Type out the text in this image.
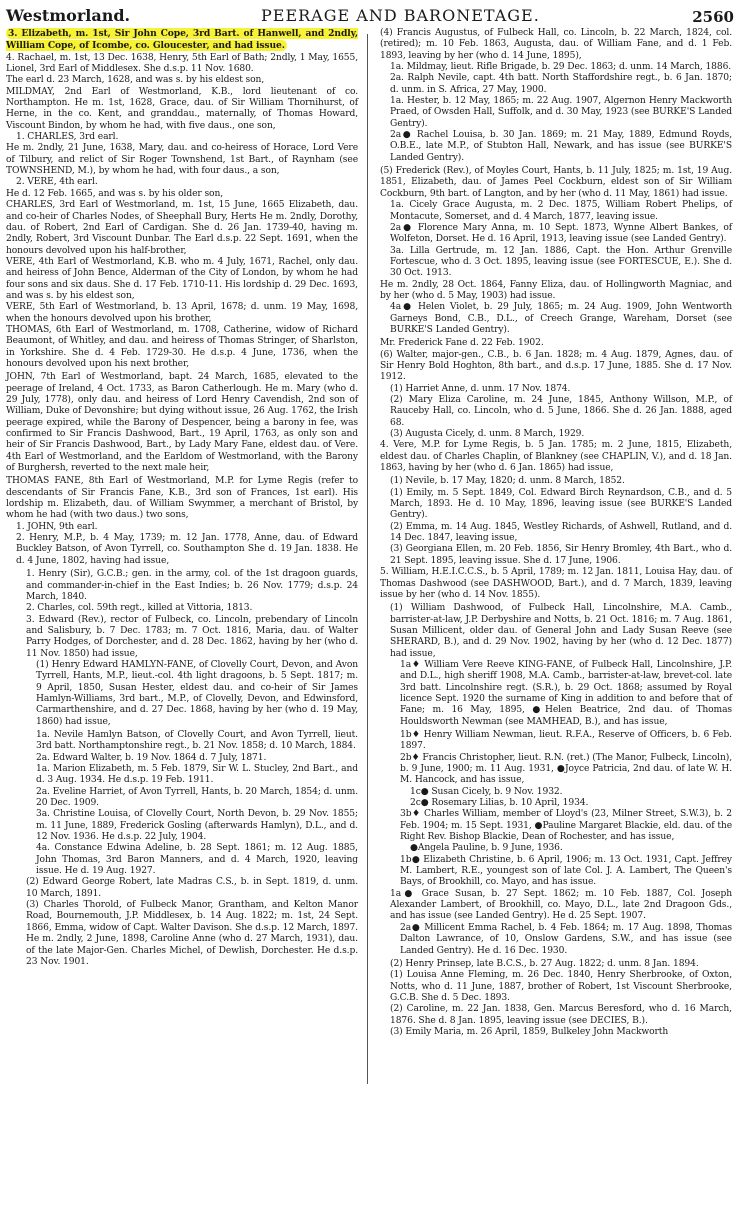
Westmorland.	PEERAGE AND BARONETAGE.	2560

3. Elizabeth, m. 1st, Sir John Cope, 3rd Bart. of Hanwell, and 2ndly, William Cope, of Icombe, co. Gloucester, and had issue.

4. Rachael, m. 1st, 13 Dec. 1638, Henry, 5th Earl of Bath; 2ndly, 1 May, 1655, Lionel, 3rd Earl of Middlesex. She d.s.p. 11 Nov. 1680.

The earl d. 23 March, 1628, and was s. by his eldest son,

MILDMAY, 2nd Earl of Westmorland, K.B., lord lieutenant of co. Northampton. He m. 1st, 1628, Grace, dau. of Sir William Thornihurst, of Herne, in the co. Kent, and granddau., maternally, of Thomas Howard, Viscount Bindon, by whom he had, with five daus., one son,

1. CHARLES, 3rd earl.

He m. 2ndly, 21 June, 1638, Mary, dau. and co-heiress of Horace, Lord Vere of Tilbury, and relict of Sir Roger Townshend, 1st Bart., of Raynham (see TOWNSHEND, M.), by whom he had, with four daus., a son,

2. VERE, 4th earl.

He d. 12 Feb. 1665, and was s. by his older son,

CHARLES, 3rd Earl of Westmorland, m. 1st, 15 June, 1665 Elizabeth, dau. and co-heir of Charles Nodes, of Sheephall Bury, Herts He m. 2ndly, Dorothy, dau. of Robert, 2nd Earl of Cardigan. She d. 26 Jan. 1739-40, having m. 2ndly, Robert, 3rd Viscount Dunbar. The Earl d.s.p. 22 Sept. 1691, when the honours devolved upon his half-brother,

VERE, 4th Earl of Westmorland, K.B. who m. 4 July, 1671, Rachel, only dau. and heiress of John Bence, Alderman of the City of London, by whom he had four sons and six daus. She d. 17 Feb. 1710-11. His lordship d. 29 Dec. 1693, and was s. by his eldest son,

VERE, 5th Earl of Westmorland, b. 13 April, 1678; d. unm. 19 May, 1698, when the honours devolved upon his brother,

THOMAS, 6th Earl of Westmorland, m. 1708, Catherine, widow of Richard Beaumont, of Whitley, and dau. and heiress of Thomas Stringer, of Sharlston, in Yorkshire. She d. 4 Feb. 1729-30. He d.s.p. 4 June, 1736, when the honours devolved upon his next brother,

JOHN, 7th Earl of Westmorland, bapt. 24 March, 1685, elevated to the peerage of Ireland, 4 Oct. 1733, as Baron Catherlough. He m. Mary (who d. 29 July, 1778), only dau. and heiress of Lord Henry Cavendish, 2nd son of William, Duke of Devonshire; but dying without issue, 26 Aug. 1762, the Irish peerage expired, while the Barony of Despencer, being a barony in fee, was confirmed to Sir Francis Dashwood, Bart., 19 April, 1763, as only son and heir of Sir Francis Dashwood, Bart., by Lady Mary Fane, eldest dau. of Vere. 4th Earl of Westmorland, and the Earldom of Westmorland, with the Barony of Burghersh, reverted to the next male heir,

THOMAS FANE, 8th Earl of Westmorland, M.P. for Lyme Regis (refer to descendants of Sir Francis Fane, K.B., 3rd son of Frances, 1st earl). His lordship m. Elizabeth, dau. of William Swymmer, a merchant of Bristol, by whom he had (with two daus.) two sons,

1. JOHN, 9th earl.

2. Henry, M.P., b. 4 May, 1739; m. 12 Jan. 1778, Anne, dau. of Edward Buckley Batson, of Avon Tyrrell, co. Southampton She d. 19 Jan. 1838. He d. 4 June, 1802, having had issue,

1. Henry (Sir), G.C.B.; gen. in the army, col. of the 1st dragoon guards, and commander-in-chief in the East Indies; b. 26 Nov. 1779; d.s.p. 24 March, 1840.

2. Charles, col. 59th regt., killed at Vittoria, 1813.

3. Edward (Rev.), rector of Fulbeck, co. Lincoln, prebendary of Lincoln and Salisbury, b. 7 Dec. 1783; m. 7 Oct. 1816, Maria, dau. of Walter Parry Hodges, of Dorchester, and d. 28 Dec. 1862, having by her (who d. 11 Nov. 1850) had issue,

(1) Henry Edward HAMLYN-FANE, of Clovelly Court, Devon, and Avon Tyrrell, Hants, M.P., lieut.-col. 4th light dragoons, b. 5 Sept. 1817; m. 9 April, 1850, Susan Hester, eldest dau. and co-heir of Sir James Hamlyn-Williams, 3rd bart., M.P., of Clovelly, Devon, and Edwinsford, Carmarthenshire, and d. 27 Dec. 1868, having by her (who d. 19 May, 1860) had issue,

1a. Nevile Hamlyn Batson, of Clovelly Court, and Avon Tyrrell, lieut. 3rd batt. Northamptonshire regt., b. 21 Nov. 1858; d. 10 March, 1884.

2a. Edward Walter, b. 19 Nov. 1864 d. 7 July, 1871.

1a. Marion Elizabeth, m. 5 Feb. 1879, Sir W. L. Stucley, 2nd Bart., and d. 3 Aug. 1934. He d.s.p. 19 Feb. 1911.

2a. Eveline Harriet, of Avon Tyrrell, Hants, b. 20 March, 1854; d. unm. 20 Dec. 1909.

3a. Christine Louisa, of Clovelly Court, North Devon, b. 29 Nov. 1855; m. 11 June, 1889, Frederick Gosling (afterwards Hamlyn), D.L., and d. 12 Nov. 1936. He d.s.p. 22 July, 1904.

4a. Constance Edwina Adeline, b. 28 Sept. 1861; m. 12 Aug. 1885, John Thomas, 3rd Baron Manners, and d. 4 March, 1920, leaving issue. He d. 19 Aug. 1927.

(2) Edward George Robert, late Madras C.S., b. in Sept. 1819, d. unm. 10 March, 1891.

(3) Charles Thorold, of Fulbeck Manor, Grantham, and Kelton Manor Road, Bournemouth, J.P. Middlesex, b. 14 Aug. 1822; m. 1st, 24 Sept. 1866, Emma, widow of Capt. Walter Davison. She d.s.p. 12 March, 1897. He m. 2ndly, 2 June, 1898, Caroline Anne (who d. 27 March, 1931), dau. of the late Major-Gen. Charles Michel, of Dewlish, Dorchester. He d.s.p. 23 Nov. 1901.

(4) Francis Augustus, of Fulbeck Hall, co. Lincoln, b. 22 March, 1824, col. (retired); m. 10 Feb. 1863, Augusta, dau. of William Fane, and d. 1 Feb. 1893, leaving by her (who d. 14 June, 1895),

1a. Mildmay, lieut. Rifle Brigade, b. 29 Dec. 1863; d. unm. 14 March, 1886.

2a. Ralph Nevile, capt. 4th batt. North Staffordshire regt., b. 6 Jan. 1870; d. unm. in S. Africa, 27 May, 1900.

1a. Hester, b. 12 May, 1865; m. 22 Aug. 1907, Algernon Henry Mackworth Praed, of Owsden Hall, Suffolk, and d. 30 May, 1923 (see BURKE'S Landed Gentry).

2a● Rachel Louisa, b. 30 Jan. 1869; m. 21 May, 1889, Edmund Royds, O.B.E., late M.P., of Stubton Hall, Newark, and has issue (see BURKE'S Landed Gentry).

(5) Frederick (Rev.), of Moyles Court, Hants, b. 11 July, 1825; m. 1st, 19 Aug. 1851, Elizabeth, dau. of James Peel Cockburn, eldest son of Sir William Cockburn, 9th bart. of Langton, and by her (who d. 11 May, 1861) had issue.

1a. Cicely Grace Augusta, m. 2 Dec. 1875, William Robert Phelips, of Montacute, Somerset, and d. 4 March, 1877, leaving issue.

2a● Florence Mary Anna, m. 10 Sept. 1873, Wynne Albert Bankes, of Wolfeton, Dorset. He d. 16 April, 1913, leaving issue (see Landed Gentry).

3a. Lilla Gertrude, m. 12 Jan. 1886, Capt. the Hon. Arthur Grenville Fortescue, who d. 3 Oct. 1895, leaving issue (see FORTESCUE, E.). She d. 30 Oct. 1913.

He m. 2ndly, 28 Oct. 1864, Fanny Eliza, dau. of Hollingworth Magniac, and by her (who d. 5 May, 1903) had issue.

4a● Helen Violet, b. 29 July, 1865; m. 24 Aug. 1909, John Wentworth Garneys Bond, C.B., D.L., of Creech Grange, Wareham, Dorset (see BURKE'S Landed Gentry).

Mr. Frederick Fane d. 22 Feb. 1902.

(6) Walter, major-gen., C.B., b. 6 Jan. 1828; m. 4 Aug. 1879, Agnes, dau. of Sir Henry Bold Hoghton, 8th bart., and d.s.p. 17 June, 1885. She d. 17 Nov. 1912.

(1) Harriet Anne, d. unm. 17 Nov. 1874.

(2) Mary Eliza Caroline, m. 24 June, 1845, Anthony Willson, M.P., of Rauceby Hall, co. Lincoln, who d. 5 June, 1866. She d. 26 Jan. 1888, aged 68.

(3) Augusta Cicely, d. unm. 8 March, 1929.

4. Vere, M.P. for Lyme Regis, b. 5 Jan. 1785; m. 2 June, 1815, Elizabeth, eldest dau. of Charles Chaplin, of Blankney (see CHAPLIN, V.), and d. 18 Jan. 1863, having by her (who d. 6 Jan. 1865) had issue,

(1) Nevile, b. 17 May, 1820; d. unm. 8 March, 1852.

(1) Emily, m. 5 Sept. 1849, Col. Edward Birch Reynardson, C.B., and d. 5 March, 1893. He d. 10 May, 1896, leaving issue (see BURKE'S Landed Gentry).

(2) Emma, m. 14 Aug. 1845, Westley Richards, of Ashwell, Rutland, and d. 14 Dec. 1847, leaving issue,

(3) Georgiana Ellen, m. 20 Feb. 1856, Sir Henry Bromley, 4th Bart., who d. 21 Sept. 1895, leaving issue. She d. 17 June, 1906.

5. William, H.E.I.C.C.S., b. 5 April, 1789; m. 12 Jan. 1811, Louisa Hay, dau. of Thomas Dashwood (see DASHWOOD, Bart.), and d. 7 March, 1839, leaving issue by her (who d. 14 Nov. 1855).

(1) William Dashwood, of Fulbeck Hall, Lincolnshire, M.A. Camb., barrister-at-law, J.P. Derbyshire and Notts, b. 21 Oct. 1816; m. 7 Aug. 1861, Susan Millicent, older dau. of General John and Lady Susan Reeve (see SHERARD, B.), and d. 29 Nov. 1902, having by her (who d. 12 Dec. 1877) had issue,

1a♦ William Vere Reeve KING-FANE, of Fulbeck Hall, Lincolnshire, J.P. and D.L., high sheriff 1908, M.A. Camb., barrister-at-law, brevet-col. late 3rd batt. Lincolnshire regt. (S.R.), b. 29 Oct. 1868; assumed by Royal licence Sept. 1920 the surname of King in addition to and before that of Fane; m. 16 May, 1895, ●Helen Beatrice, 2nd dau. of Thomas Houldsworth Newman (see MAMHEAD, B.), and has issue,

1b♦ Henry William Newman, lieut. R.F.A., Reserve of Officers, b. 6 Feb. 1897.

2b♦ Francis Christopher, lieut. R.N. (ret.) (The Manor, Fulbeck, Lincoln), b. 9 June, 1900; m. 11 Aug. 1931, ●Joyce Patricia, 2nd dau. of late W. H. M. Hancock, and has issue,

1c● Susan Cicely, b. 9 Nov. 1932.

2c● Rosemary Lilias, b. 10 April, 1934.

3b♦ Charles William, member of Lloyd's (23, Milner Street, S.W.3), b. 2 Feb. 1904; m. 15 Sept. 1931, ●Pauline Margaret Blackie, eld. dau. of the Right Rev. Bishop Blackie, Dean of Rochester, and has issue,

●Angela Pauline, b. 9 June, 1936.

1b● Elizabeth Christine, b. 6 April, 1906; m. 13 Oct. 1931, Capt. Jeffrey M. Lambert, R.E., youngest son of late Col. J. A. Lambert, The Queen's Bays, of Brookhill, co. Mayo, and has issue.

1a● Grace Susan, b. 27 Sept. 1862; m. 10 Feb. 1887, Col. Joseph Alexander Lambert, of Brookhill, co. Mayo, D.L., late 2nd Dragoon Gds., and has issue (see Landed Gentry). He d. 25 Sept. 1907.

2a● Millicent Emma Rachel, b. 4 Feb. 1864; m. 17 Aug. 1898, Thomas Dalton Lawrance, of 10, Onslow Gardens, S.W., and has issue (see Landed Gentry). He d. 16 Dec. 1930.

(2) Henry Prinsep, late B.C.S., b. 27 Aug. 1822; d. unm. 8 Jan. 1894.

(1) Louisa Anne Fleming, m. 26 Dec. 1840, Henry Sherbrooke, of Oxton, Notts, who d. 11 June, 1887, brother of Robert, 1st Viscount Sherbrooke, G.C.B. She d. 5 Dec. 1893.

(2) Caroline, m. 22 Jan. 1838, Gen. Marcus Beresford, who d. 16 March, 1876. She d. 8 Jan. 1895, leaving issue (see DECIES, B.).

(3) Emily Maria, m. 26 April, 1859, Bulkeley John Mackworth
